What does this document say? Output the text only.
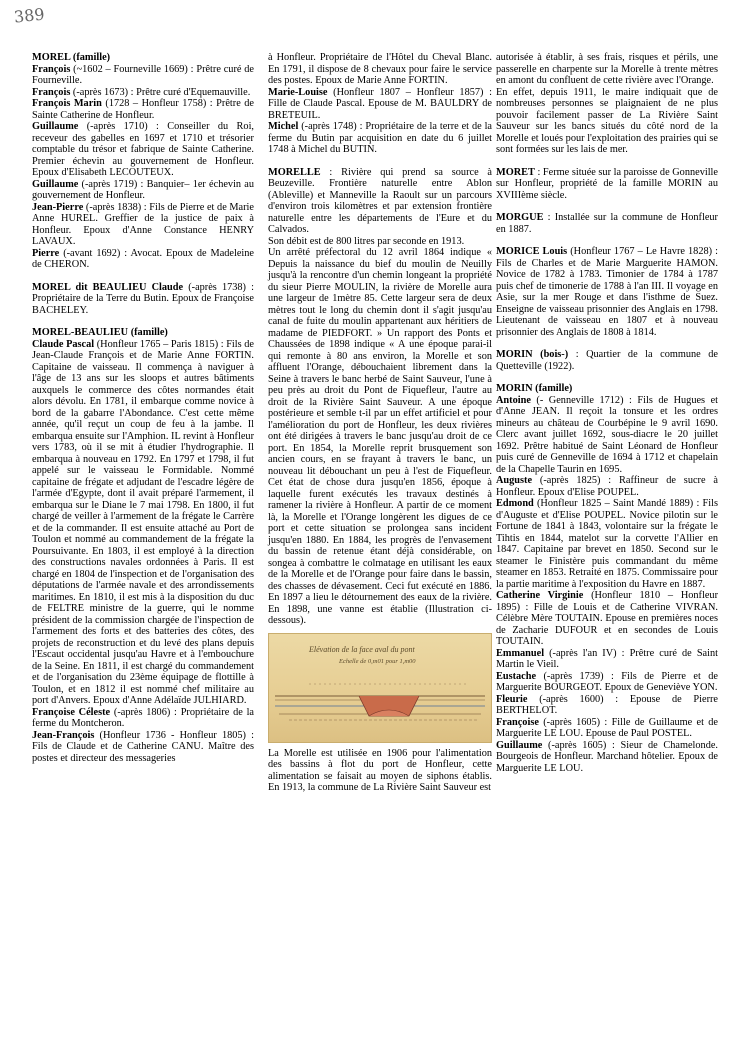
389

MOREL (famille)

François (~1602 – Fourneville 1669) : Prêtre curé de Fourneville.

François (-après 1673) : Prêtre curé d'Equemauville.

François Marin (1728 – Honfleur 1758) : Prêtre de Sainte Catherine de Honfleur.

Guillaume (-après 1710) : Conseiller du Roi, receveur des gabelles en 1697 et 1710 et trésorier comptable du trésor et fabrique de Sainte Catherine. Premier échevin au gouvernement de Honfleur. Epoux d'Elisabeth LECOUTEUX.

Guillaume (-après 1719) : Banquier– 1er échevin au gouvernement de Honfleur.

Jean-Pierre (-après 1838) : Fils de Pierre et de Marie Anne HUREL. Greffier de la justice de paix à Honfleur. Epoux d'Anne Constance HENRY LAVAUX.

Pierre (-avant 1692) : Avocat. Epoux de Madeleine de CHERON.

MOREL dit BEAULIEU Claude (-après 1738) : Propriétaire de la Terre du Butin. Epoux de Françoise BACHELEY.

MOREL-BEAULIEU (famille)

Claude Pascal (Honfleur 1765 – Paris 1815) : Fils de Jean-Claude François et de Marie Anne FORTIN. Capitaine de vaisseau. Il commença à naviguer à l'âge de 13 ans sur les sloops et autres bâtiments auxquels le commerce des côtes normandes était alors dévolu. En 1781, il embarque comme novice à bord de la gabarre l'Abondance. C'est cette même année, qu'il reçut un coup de feu à la jambe. Il embarqua ensuite sur l'Amphion. IL revint à Honfleur vers 1783, où il se mit à étudier l'hydrographie. Il embarqua à nouveau en 1792. En 1797 et 1798, il fut appelé sur le vaisseau le Formidable. Nommé capitaine de frégate et adjudant de l'escadre légère de l'armée d'Egypte, dont il avait préparé l'armement, il embarqua sur le Diane le 7 mai 1798. En 1800, il fut chargé de veiller à l'armement de la frégate le Carrère et de la commander. Il est ensuite attaché au Port de Toulon et nommé au commandement de la frégate la Poursuivante. En 1803, il est employé à la direction des constructions navales ordonnées à Paris. Il est chargé en 1804 de l'inspection et de l'organisation des députations de l'armée navale et des arrondissements maritimes. En 1810, il est mis à la disposition du duc de FELTRE ministre de la guerre, qui le nomme président de la commission chargée de l'inspection de l'armement des forts et des batteries des côtes, des projets de reconstruction et du levé des plans depuis l'Escaut occidental jusqu'au Havre et à l'embouchure de la Seine. En 1811, il est chargé du commandement et de l'organisation du 23ème équipage de flottille à Toulon, et en 1812 il est nommé chef militaire au port d'Anvers. Epoux d'Anne Adélaïde JULHIARD.

Françoise Céleste (-après 1806) : Propriétaire de la ferme du Montcheron.

Jean-François (Honfleur 1736 - Honfleur 1805) : Fils de Claude et de Catherine CANU. Maître des postes et directeur des messageries

à Honfleur. Propriétaire de l'Hôtel du Cheval Blanc. En 1791, il dispose de 8 chevaux pour faire le service des postes. Epoux de Marie Anne FORTIN.

Marie-Louise (Honfleur 1807 – Honfleur 1857) : Fille de Claude Pascal. Epouse de M. BAULDRY de BRETEUIL.

Michel (-après 1748) : Propriétaire de la terre et de la ferme du Butin par acquisition en date du 6 juillet 1748 à Michel du BUTIN.

MORELLE : Rivière qui prend sa source à Beuzeville. Frontière naturelle entre Ablon (Ableville) et Manneville la Raoult sur un parcours d'environ trois kilomètres et par extension frontière naturelle entre les départements de l'Eure et du Calvados.

Son débit est de 800 litres par seconde en 1913.

Un arrêté préfectoral du 12 avril 1864 indique « Depuis la naissance du bief du moulin de Neuilly jusqu'à la rencontre d'un chemin longeant la propriété du sieur Pierre MOULIN, la rivière de Morelle aura une largeur de 1mètre 85. Cette largeur sera de deux mètres tout le long du chemin dont il s'agit jusqu'au canal de fuite du moulin appartenant aux héritiers de madame de PIEDFORT. » Un rapport des Ponts et Chaussées de 1898 indique « A une époque parai-il qui remonte à 80 ans environ, la Morelle et son affluent l'Orange, débouchaient librement dans la Seine à travers le banc herbé de Saint Sauveur, l'une à peu près au droit du Pont de Fiquefleur, l'autre au droit de la Rivière Saint Sauveur. A une époque postérieure et semble t-il par un effet artificiel et pour l'amélioration du port de Honfleur, les deux rivières ont été dirigées à travers le banc jusqu'au droit de ce port. En 1854, la Morelle reprit brusquement son ancien cours, en se frayant à travers le banc, un nouveau lit débouchant un peu à l'est de Fiquefleur. Cet état de chose dura jusqu'en 1856, époque à laquelle furent exécutés les travaux destinés à ramener la rivière à Honfleur. A partir de ce moment là, la Morelle et l'Orange longèrent les digues de ce port et cette situation se prolongea sans incident jusqu'en 1880. En 1884, les progrès de l'envasement du bassin de retenue étant déjà considérable, on songea à combattre le colmatage en utilisant les eaux de la Morelle et de l'Orange pour faire dans le bassin, des chasses de dévasement. Ceci fut exécuté en 1886. En 1897 a lieu le détournement des eaux de la rivière. En 1898, une vanne est établie (Illustration ci-dessous).

Elévation de la face aval du pont
Echelle de 0,m01 pour 1,m00

La Morelle est utilisée en 1906 pour l'alimentation des bassins à flot du port de Honfleur, cette alimentation se faisait au moyen de siphons établis. En 1913, la commune de La Rivière Saint Sauveur est

autorisée à établir, à ses frais, risques et périls, une passerelle en charpente sur la Morelle à trente mètres en amont du confluent de cette rivière avec l'Orange.

En effet, depuis 1911, le maire indiquait que de nombreuses personnes se plaignaient de ne plus pouvoir facilement passer de La Rivière Saint Sauveur sur les bancs situés du côté nord de la Morelle et loués pour l'exploitation des prairies qui se sont formées sur les lais de mer.

MORET : Ferme située sur la paroisse de Gonneville sur Honfleur, propriété de la famille MORIN au XVIIIème siècle.

MORGUE : Installée sur la commune de Honfleur en 1887.

MORICE Louis (Honfleur 1767 – Le Havre 1828) : Fils de Charles et de Marie Marguerite HAMON. Novice de 1782 à 1783. Timonier de 1784 à 1787 puis chef de timonerie de 1788 à l'an III. Il voyage en Asie, sur la mer Rouge et dans l'isthme de Suez. Enseigne de vaisseau prisonnier des Anglais en 1798. Lieutenant de vaisseau en 1807 et à nouveau prisonnier des Anglais de 1808 à 1814.

MORIN (bois-) : Quartier de la commune de Quetteville (1922).

MORIN (famille)

Antoine (- Genneville 1712) : Fils de Hugues et d'Anne JEAN. Il reçoit la tonsure et les ordres mineurs au château de Courbépine le 9 avril 1690. Clerc avant juillet 1692, sous-diacre le 20 juillet 1692. Prêtre habitué de Saint Léonard de Honfleur puis curé de Genneville de 1694 à 1712 et chapelain de la Chapelle Taurin en 1695.

Auguste (-après 1825) : Raffineur de sucre à Honfleur. Epoux d'Elise POUPEL.

Edmond (Honfleur 1825 – Saint Mandé 1889) : Fils d'Auguste et d'Elise POUPEL. Novice pilotin sur le Fortune de 1841 à 1843, volontaire sur la frégate le Tihtis en 1844, matelot sur la corvette l'Allier en 1847. Capitaine par brevet en 1850. Second sur le steamer le Finistère puis commandant du même steamer en 1853. Retraité en 1875. Commissaire pour la partie maritime à l'exposition du Havre en 1887.

Catherine Virginie (Honfleur 1810 – Honfleur 1895) : Fille de Louis et de Catherine VIVRAN. Célèbre Mère TOUTAIN. Epouse en premières noces de Zacharie DUFOUR et en secondes de Louis TOUTAIN.

Emmanuel (-après l'an IV) : Prêtre curé de Saint Martin le Vieil.

Eustache (-après 1739) : Fils de Pierre et de Marguerite BOURGEOT. Epoux de Geneviève YON.

Fleurie (-après 1600) : Epouse de Pierre BERTHELOT.

Françoise (-après 1605) : Fille de Guillaume et de Marguerite LE LOU. Epouse de Paul POSTEL.

Guillaume (-après 1605) : Sieur de Chamelonde. Bourgeois de Honfleur. Marchand hôtelier. Epoux de Marguerite LE LOU.
